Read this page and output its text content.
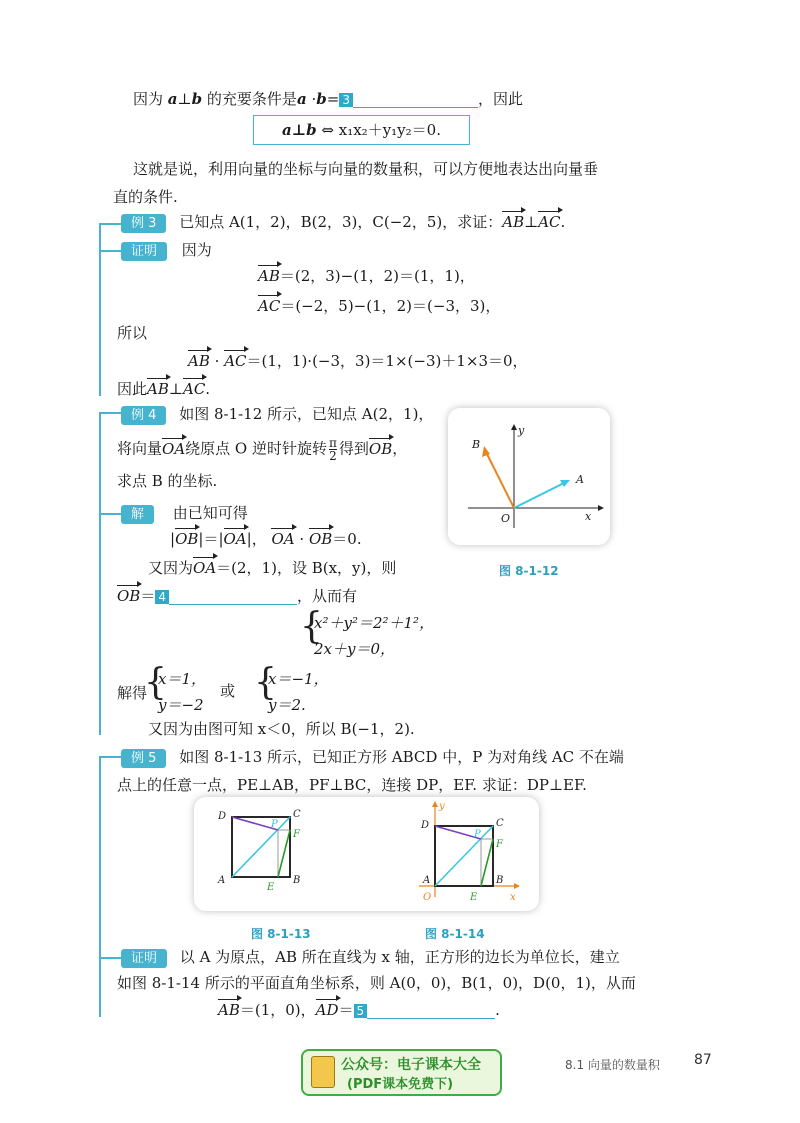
因为 a⊥b 的充要条件是a ·b= 3	，因此
a⊥b ⇔ x₁x₂＋y₁y₂＝0.
这就是说，利用向量的坐标与向量的数量积，可以方便地表达出向量垂
直的条件.
例 3 已知点 A(1，2)，B(2，3)，C(−2，5)，求证：AB⊥AC.
证明 因为
AB＝(2，3)−(1，2)＝(1，1)，
AC＝(−2，5)−(1，2)＝(−3，3)，
所以
AB · AC＝(1，1)·(−3，3)＝1×(−3)＋1×3＝0，
因此AB⊥AC.
例 4 如图 8-1-12 所示，已知点 A(2，1)，
将向量OA绕原点 O 逆时针旋转 $\frac{\pi}{2}$ 得到OB，
求点 B 的坐标.
解 由已知可得
|OB|＝|OA|， OA · OB＝0.
又因为OA＝(2，1)，设 B(x，y)，则
OB＝ 4	，从而有
{
x²＋y²＝2²＋1²，
2x＋y＝0，
解得
{
x＝1，
y＝−2
或 {
x＝−1，
y＝2.
又因为由图可知 x＜0，所以 B(−1，2).
B
A
O	x
y
图 8-1-12
例 5 如图 8-1-13 所示，已知正方形 ABCD 中，P 为对角线 AC 不在端
点上的任意一点，PE⊥AB，PF⊥BC，连接 DP，EF. 求证：DP⊥EF.
D	C
P
F
A	B
E
D	C
P
F
A	B
E
O	x
y
图 8-1-13	图 8-1-14
证明 以 A 为原点，AB 所在直线为 x 轴，正方形的边长为单位长，建立
如图 8-1-14 所示的平面直角坐标系，则 A(0，0)，B(1，0)，D(0，1)，从而
AB＝(1，0)，AD＝ 5	.
公众号：电子课本大全
(PDF课本免费下)
8.1 向量的数量积 87
